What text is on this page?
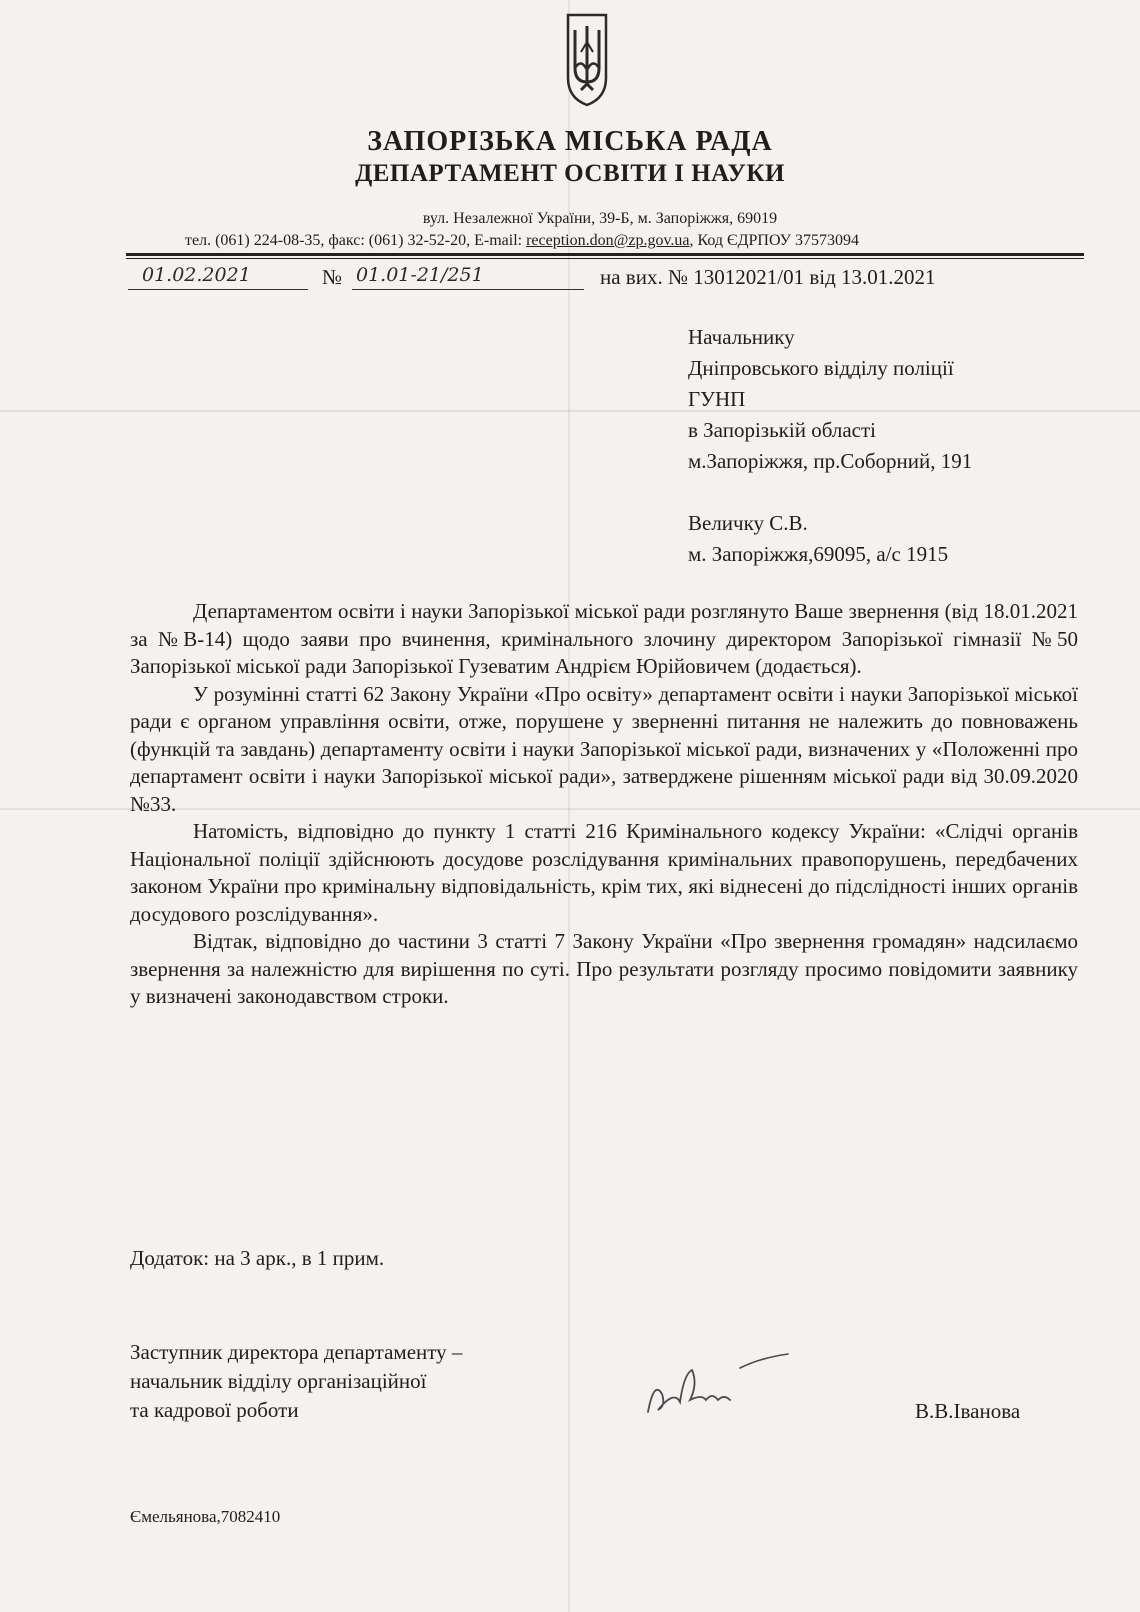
ЗАПОРІЗЬКА МІСЬКА РАДА
ДЕПАРТАМЕНТ ОСВІТИ І НАУКИ
вул. Незалежної України, 39-Б, м. Запоріжжя, 69019
тел. (061) 224-08-35, факс: (061) 32-52-20, E-mail: reception.don@zp.gov.ua, Код ЄДРПОУ 37573094
01.02.2021	№ 01.01-21/251	на вих. № 13012021/01 від 13.01.2021
Начальнику
Дніпровського відділу поліції
ГУНП
в Запорізькій області
м.Запоріжжя, пр.Соборний, 191
Величку С.В.
м. Запоріжжя,69095, а/с 1915

Департаментом освіти і науки Запорізької міської ради розглянуто Ваше звернення (від 18.01.2021 за №В-14) щодо заяви про вчинення, кримінального злочину директором Запорізької гімназії №50 Запорізької міської ради Запорізької Гузеватим Андрієм Юрійовичем (додається).

У розумінні статті 62 Закону України «Про освіту» департамент освіти і науки Запорізької міської ради є органом управління освіти, отже, порушене у зверненні питання не належить до повноважень (функцій та завдань) департаменту освіти і науки Запорізької міської ради, визначених у «Положенні про департамент освіти і науки Запорізької міської ради», затверджене рішенням міської ради від 30.09.2020 №33.

Натомість, відповідно до пункту 1 статті 216 Кримінального кодексу України: «Слідчі органів Національної поліції здійснюють досудове розслідування кримінальних правопорушень, передбачених законом України про кримінальну відповідальність, крім тих, які віднесені до підслідності інших органів досудового розслідування».

Відтак, відповідно до частини 3 статті 7 Закону України «Про звернення громадян» надсилаємо звернення за належністю для вирішення по суті. Про результати розгляду просимо повідомити заявнику у визначені законодавством строки.

Додаток: на 3 арк., в 1 прим.
Заступник директора департаменту –
начальник відділу організаційної
та кадрової роботи	В.В.Іванова
Ємельянова,7082410
